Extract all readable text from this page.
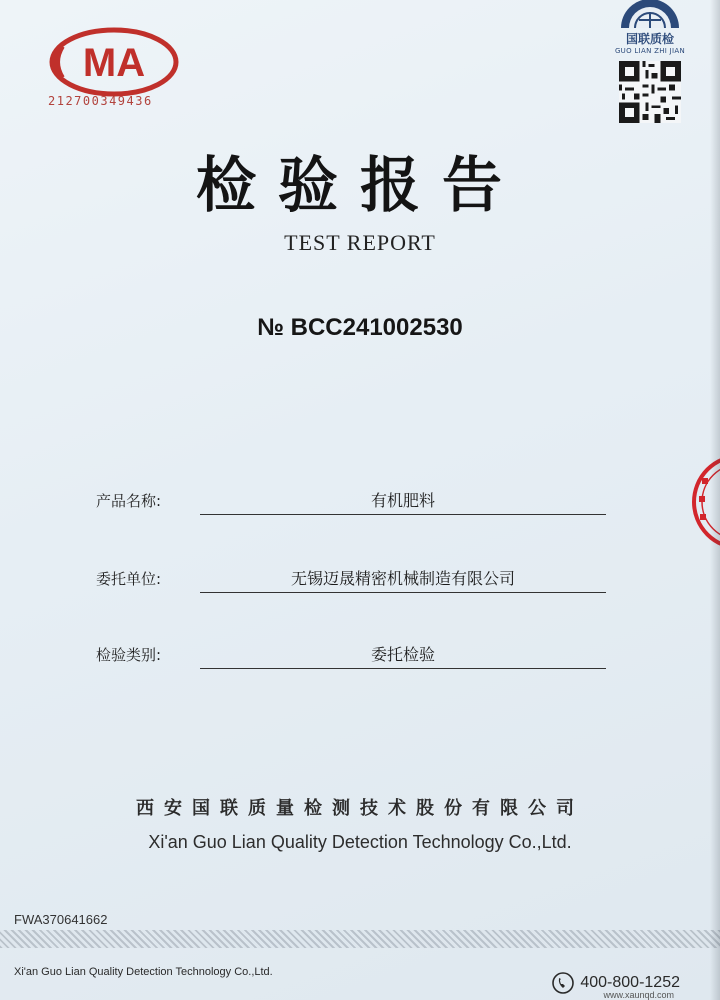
MA
212700349436
国联质检
GUO LIAN ZHI JIAN
检验报告
TEST REPORT
№ BCC241002530
产品名称:	有机肥料
委托单位:	无锡迈晟精密机械制造有限公司
检验类别:	委托检验
西安国联质量检测技术股份有限公司
Xi'an Guo Lian Quality Detection Technology Co.,Ltd.
FWA370641662
Xi'an Guo Lian Quality Detection Technology Co.,Ltd.
400-800-1252
www.xaunqd.com
